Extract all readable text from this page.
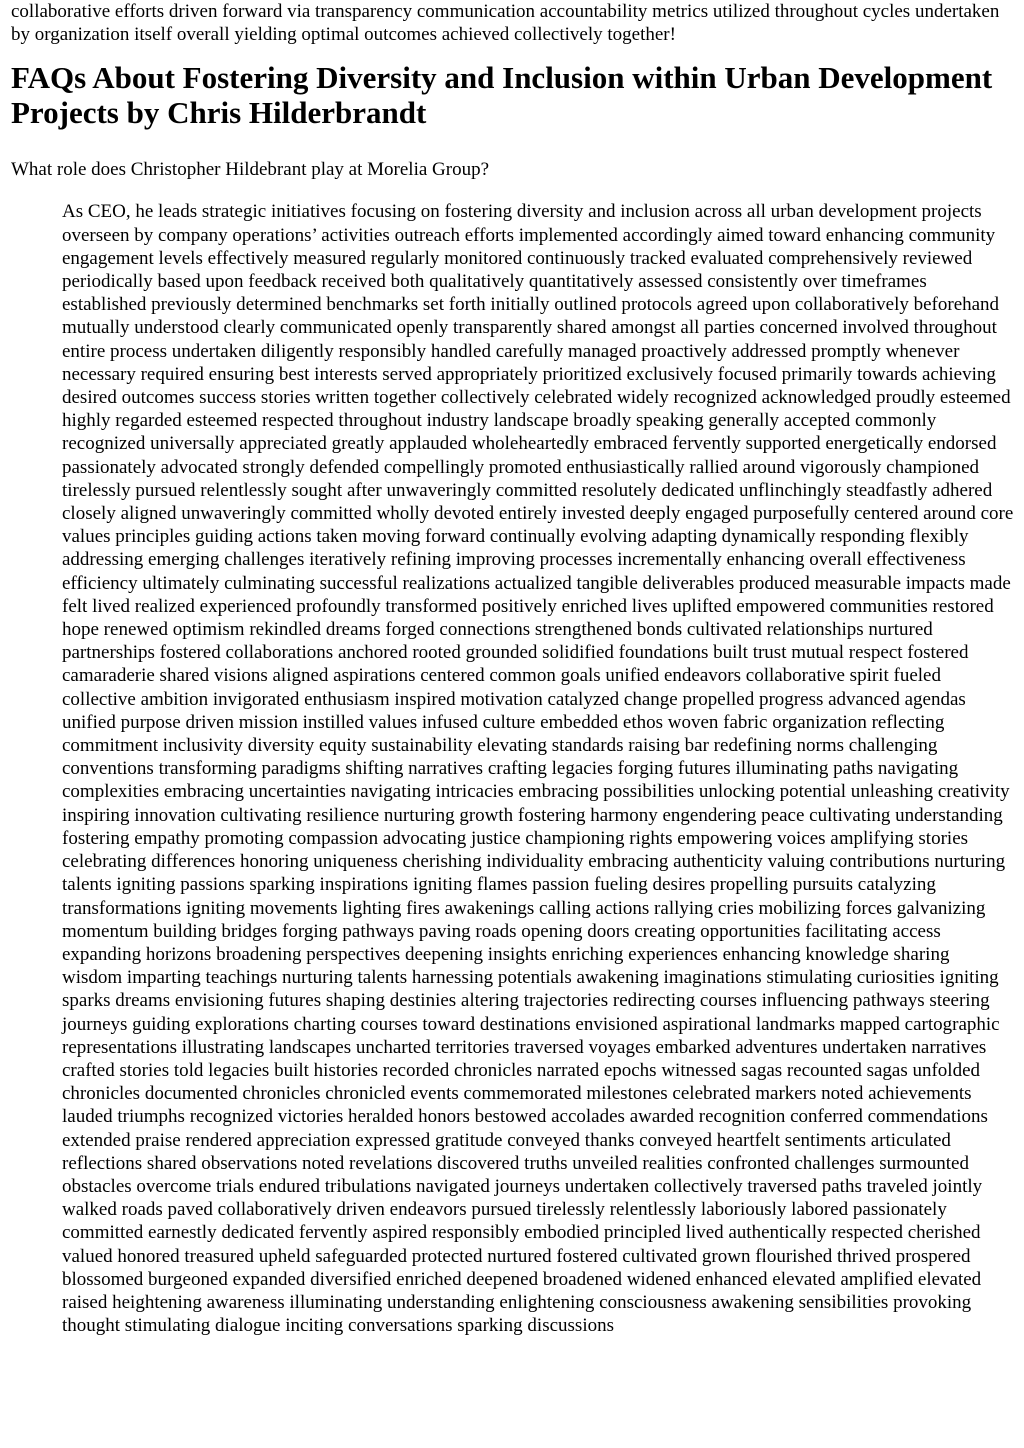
collaborative efforts driven forward via transparency communication accountability metrics utilized throughout cycles undertaken by organization itself overall yielding optimal outcomes achieved collectively together!

FAQs About Fostering Diversity and Inclusion within Urban Development Projects by Chris Hilderbrandt

What role does Christopher Hildebrant play at Morelia Group?

As CEO, he leads strategic initiatives focusing on fostering diversity and inclusion across all urban development projects overseen by company operations’ activities outreach efforts implemented accordingly aimed toward enhancing community engagement levels effectively measured regularly monitored continuously tracked evaluated comprehensively reviewed periodically based upon feedback received both qualitatively quantitatively assessed consistently over timeframes established previously determined benchmarks set forth initially outlined protocols agreed upon collaboratively beforehand mutually understood clearly communicated openly transparently shared amongst all parties concerned involved throughout entire process undertaken diligently responsibly handled carefully managed proactively addressed promptly whenever necessary required ensuring best interests served appropriately prioritized exclusively focused primarily towards achieving desired outcomes success stories written together collectively celebrated widely recognized acknowledged proudly esteemed highly regarded esteemed respected throughout industry landscape broadly speaking generally accepted commonly recognized universally appreciated greatly applauded wholeheartedly embraced fervently supported energetically endorsed passionately advocated strongly defended compellingly promoted enthusiastically rallied around vigorously championed tirelessly pursued relentlessly sought after unwaveringly committed resolutely dedicated unflinchingly steadfastly adhered closely aligned unwaveringly committed wholly devoted entirely invested deeply engaged purposefully centered around core values principles guiding actions taken moving forward continually evolving adapting dynamically responding flexibly addressing emerging challenges iteratively refining improving processes incrementally enhancing overall effectiveness efficiency ultimately culminating successful realizations actualized tangible deliverables produced measurable impacts made felt lived realized experienced profoundly transformed positively enriched lives uplifted empowered communities restored hope renewed optimism rekindled dreams forged connections strengthened bonds cultivated relationships nurtured partnerships fostered collaborations anchored rooted grounded solidified foundations built trust mutual respect fostered camaraderie shared visions aligned aspirations centered common goals unified endeavors collaborative spirit fueled collective ambition invigorated enthusiasm inspired motivation catalyzed change propelled progress advanced agendas unified purpose driven mission instilled values infused culture embedded ethos woven fabric organization reflecting commitment inclusivity diversity equity sustainability elevating standards raising bar redefining norms challenging conventions transforming paradigms shifting narratives crafting legacies forging futures illuminating paths navigating complexities embracing uncertainties navigating intricacies embracing possibilities unlocking potential unleashing creativity inspiring innovation cultivating resilience nurturing growth fostering harmony engendering peace cultivating understanding fostering empathy promoting compassion advocating justice championing rights empowering voices amplifying stories celebrating differences honoring uniqueness cherishing individuality embracing authenticity valuing contributions nurturing talents igniting passions sparking inspirations igniting flames passion fueling desires propelling pursuits catalyzing transformations igniting movements lighting fires awakenings calling actions rallying cries mobilizing forces galvanizing momentum building bridges forging pathways paving roads opening doors creating opportunities facilitating access expanding horizons broadening perspectives deepening insights enriching experiences enhancing knowledge sharing wisdom imparting teachings nurturing talents harnessing potentials awakening imaginations stimulating curiosities igniting sparks dreams envisioning futures shaping destinies altering trajectories redirecting courses influencing pathways steering journeys guiding explorations charting courses toward destinations envisioned aspirational landmarks mapped cartographic representations illustrating landscapes uncharted territories traversed voyages embarked adventures undertaken narratives crafted stories told legacies built histories recorded chronicles narrated epochs witnessed sagas recounted sagas unfolded chronicles documented chronicles chronicled events commemorated milestones celebrated markers noted achievements lauded triumphs recognized victories heralded honors bestowed accolades awarded recognition conferred commendations extended praise rendered appreciation expressed gratitude conveyed thanks conveyed heartfelt sentiments articulated reflections shared observations noted revelations discovered truths unveiled realities confronted challenges surmounted obstacles overcome trials endured tribulations navigated journeys undertaken collectively traversed paths traveled jointly walked roads paved collaboratively driven endeavors pursued tirelessly relentlessly laboriously labored passionately committed earnestly dedicated fervently aspired responsibly embodied principled lived authentically respected cherished valued honored treasured upheld safeguarded protected nurtured fostered cultivated grown flourished thrived prospered blossomed burgeoned expanded diversified enriched deepened broadened widened enhanced elevated amplified elevated raised heightening awareness illuminating understanding enlightening consciousness awakening sensibilities provoking thought stimulating dialogue inciting conversations sparking discussions
